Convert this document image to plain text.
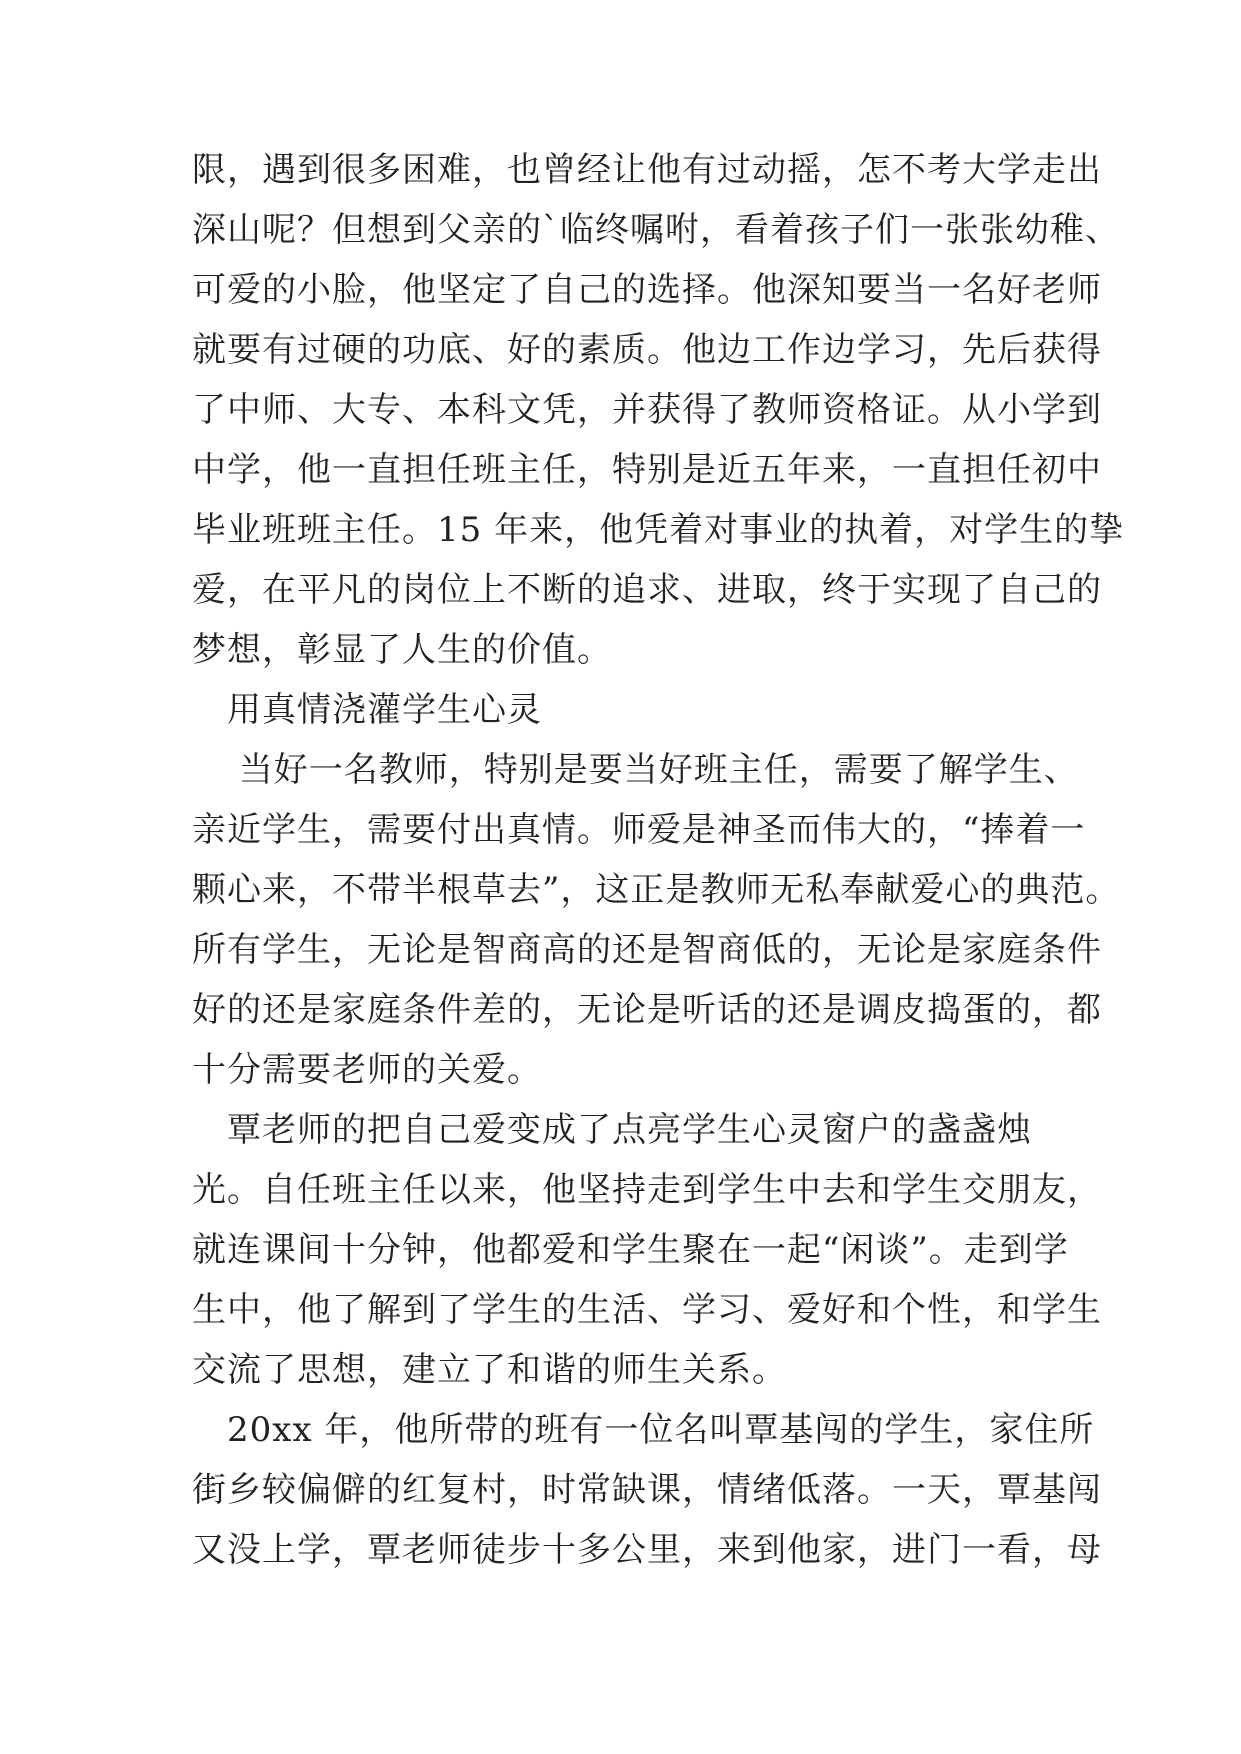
限，遇到很多困难，也曾经让他有过动摇，怎不考大学走出
深山呢？但想到父亲的`临终嘱咐，看着孩子们一张张幼稚、
可爱的小脸，他坚定了自己的选择。他深知要当一名好老师
就要有过硬的功底、好的素质。他边工作边学习，先后获得
了中师、大专、本科文凭，并获得了教师资格证。从小学到
中学，他一直担任班主任，特别是近五年来，一直担任初中
毕业班班主任。15 年来，他凭着对事业的执着，对学生的挚
爱，在平凡的岗位上不断的追求、进取，终于实现了自己的
梦想，彰显了人生的价值。
　用真情浇灌学生心灵
　 当好一名教师，特别是要当好班主任，需要了解学生、
亲近学生，需要付出真情。师爱是神圣而伟大的，“捧着一
颗心来，不带半根草去”，这正是教师无私奉献爱心的典范。
所有学生，无论是智商高的还是智商低的，无论是家庭条件
好的还是家庭条件差的，无论是听话的还是调皮捣蛋的，都
十分需要老师的关爱。
　覃老师的把自己爱变成了点亮学生心灵窗户的盏盏烛
光。自任班主任以来，他坚持走到学生中去和学生交朋友，
就连课间十分钟，他都爱和学生聚在一起“闲谈”。走到学
生中，他了解到了学生的生活、学习、爱好和个性，和学生
交流了思想，建立了和谐的师生关系。
　20xx 年，他所带的班有一位名叫覃基闯的学生，家住所
街乡较偏僻的红复村，时常缺课，情绪低落。一天，覃基闯
又没上学，覃老师徒步十多公里，来到他家，进门一看，母
